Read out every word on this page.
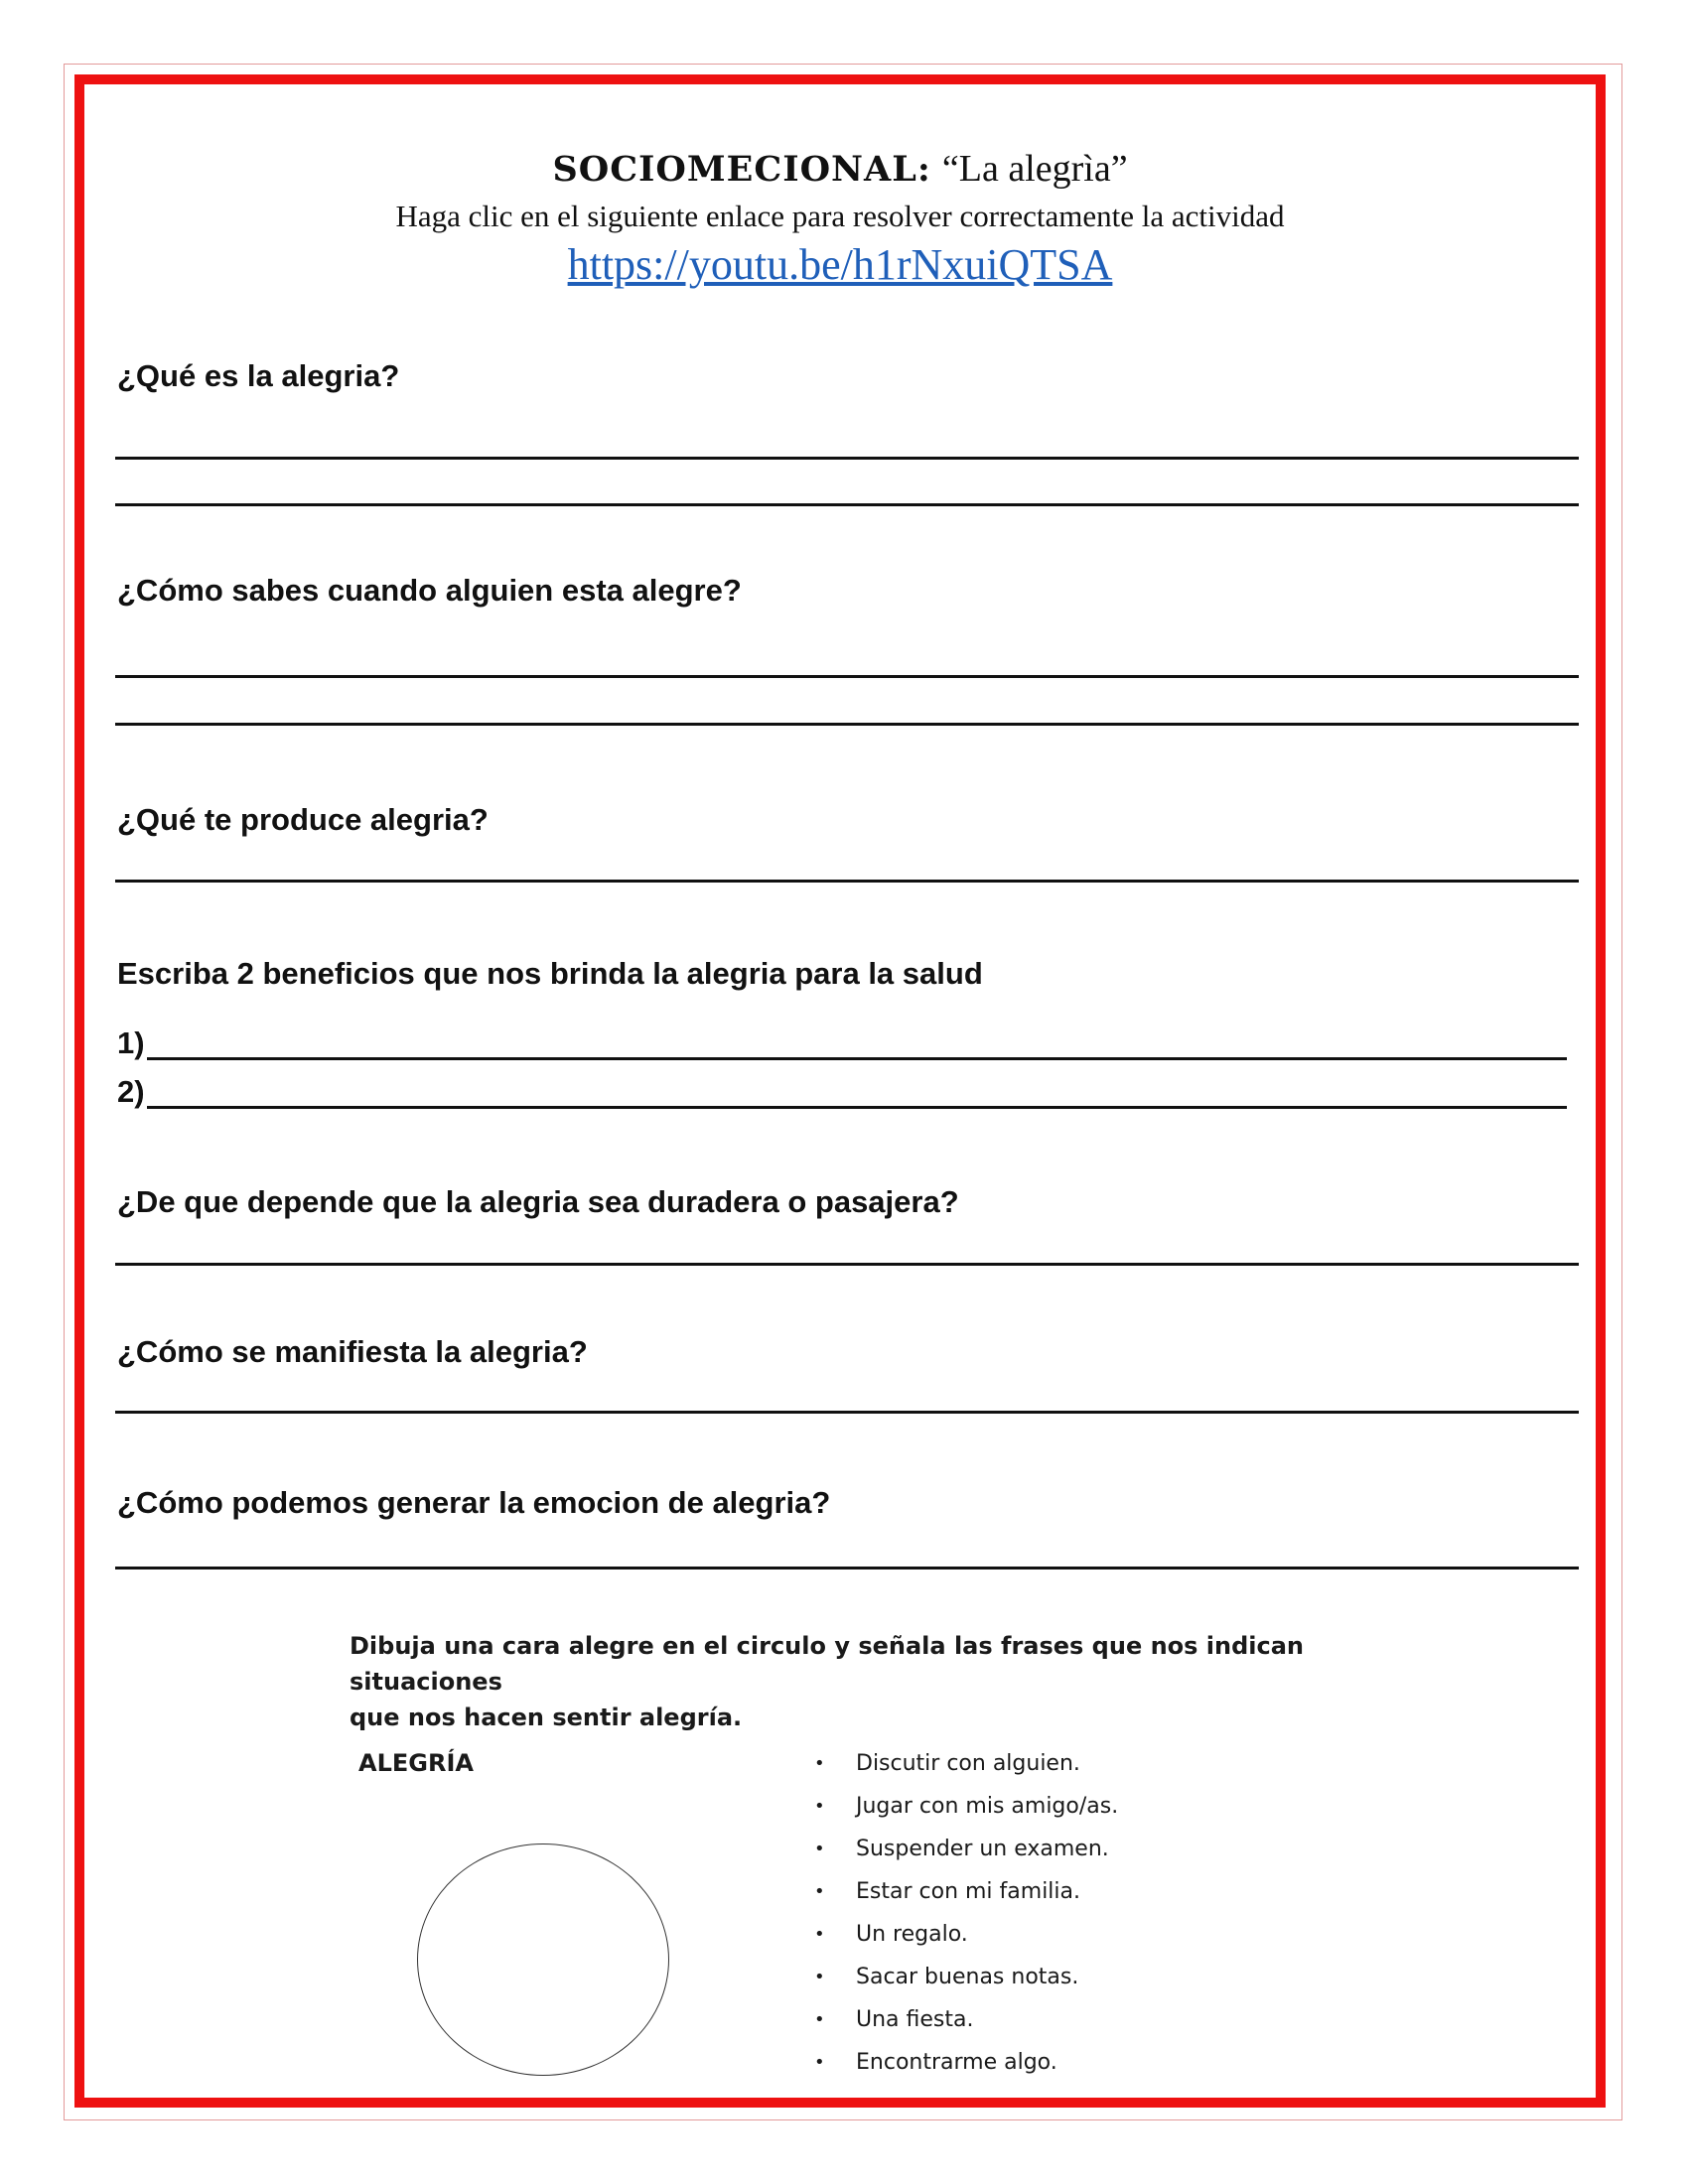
SOCIOMECIONAL: “La alegrìa”
Haga clic en el siguiente enlace para resolver correctamente la actividad
https://youtu.be/h1rNxuiQTSA
¿Qué es la alegria?
¿Cómo sabes cuando alguien esta alegre?
¿Qué te produce alegria?
Escriba 2 beneficios que nos brinda la alegria para la salud
1)
2)
¿De que depende que la alegria sea duradera o pasajera?
¿Cómo se manifiesta la alegria?
¿Cómo podemos generar la emocion de alegria?
Dibuja una cara alegre en el circulo y señala las frases que nos indican situaciones
que nos hacen sentir alegría.
ALEGRÍA	• Discutir con alguien.
• Jugar con mis amigo/as.
• Suspender un examen.
• Estar con mi familia.
• Un regalo.
• Sacar buenas notas.
• Una fiesta.
• Encontrarme algo.
